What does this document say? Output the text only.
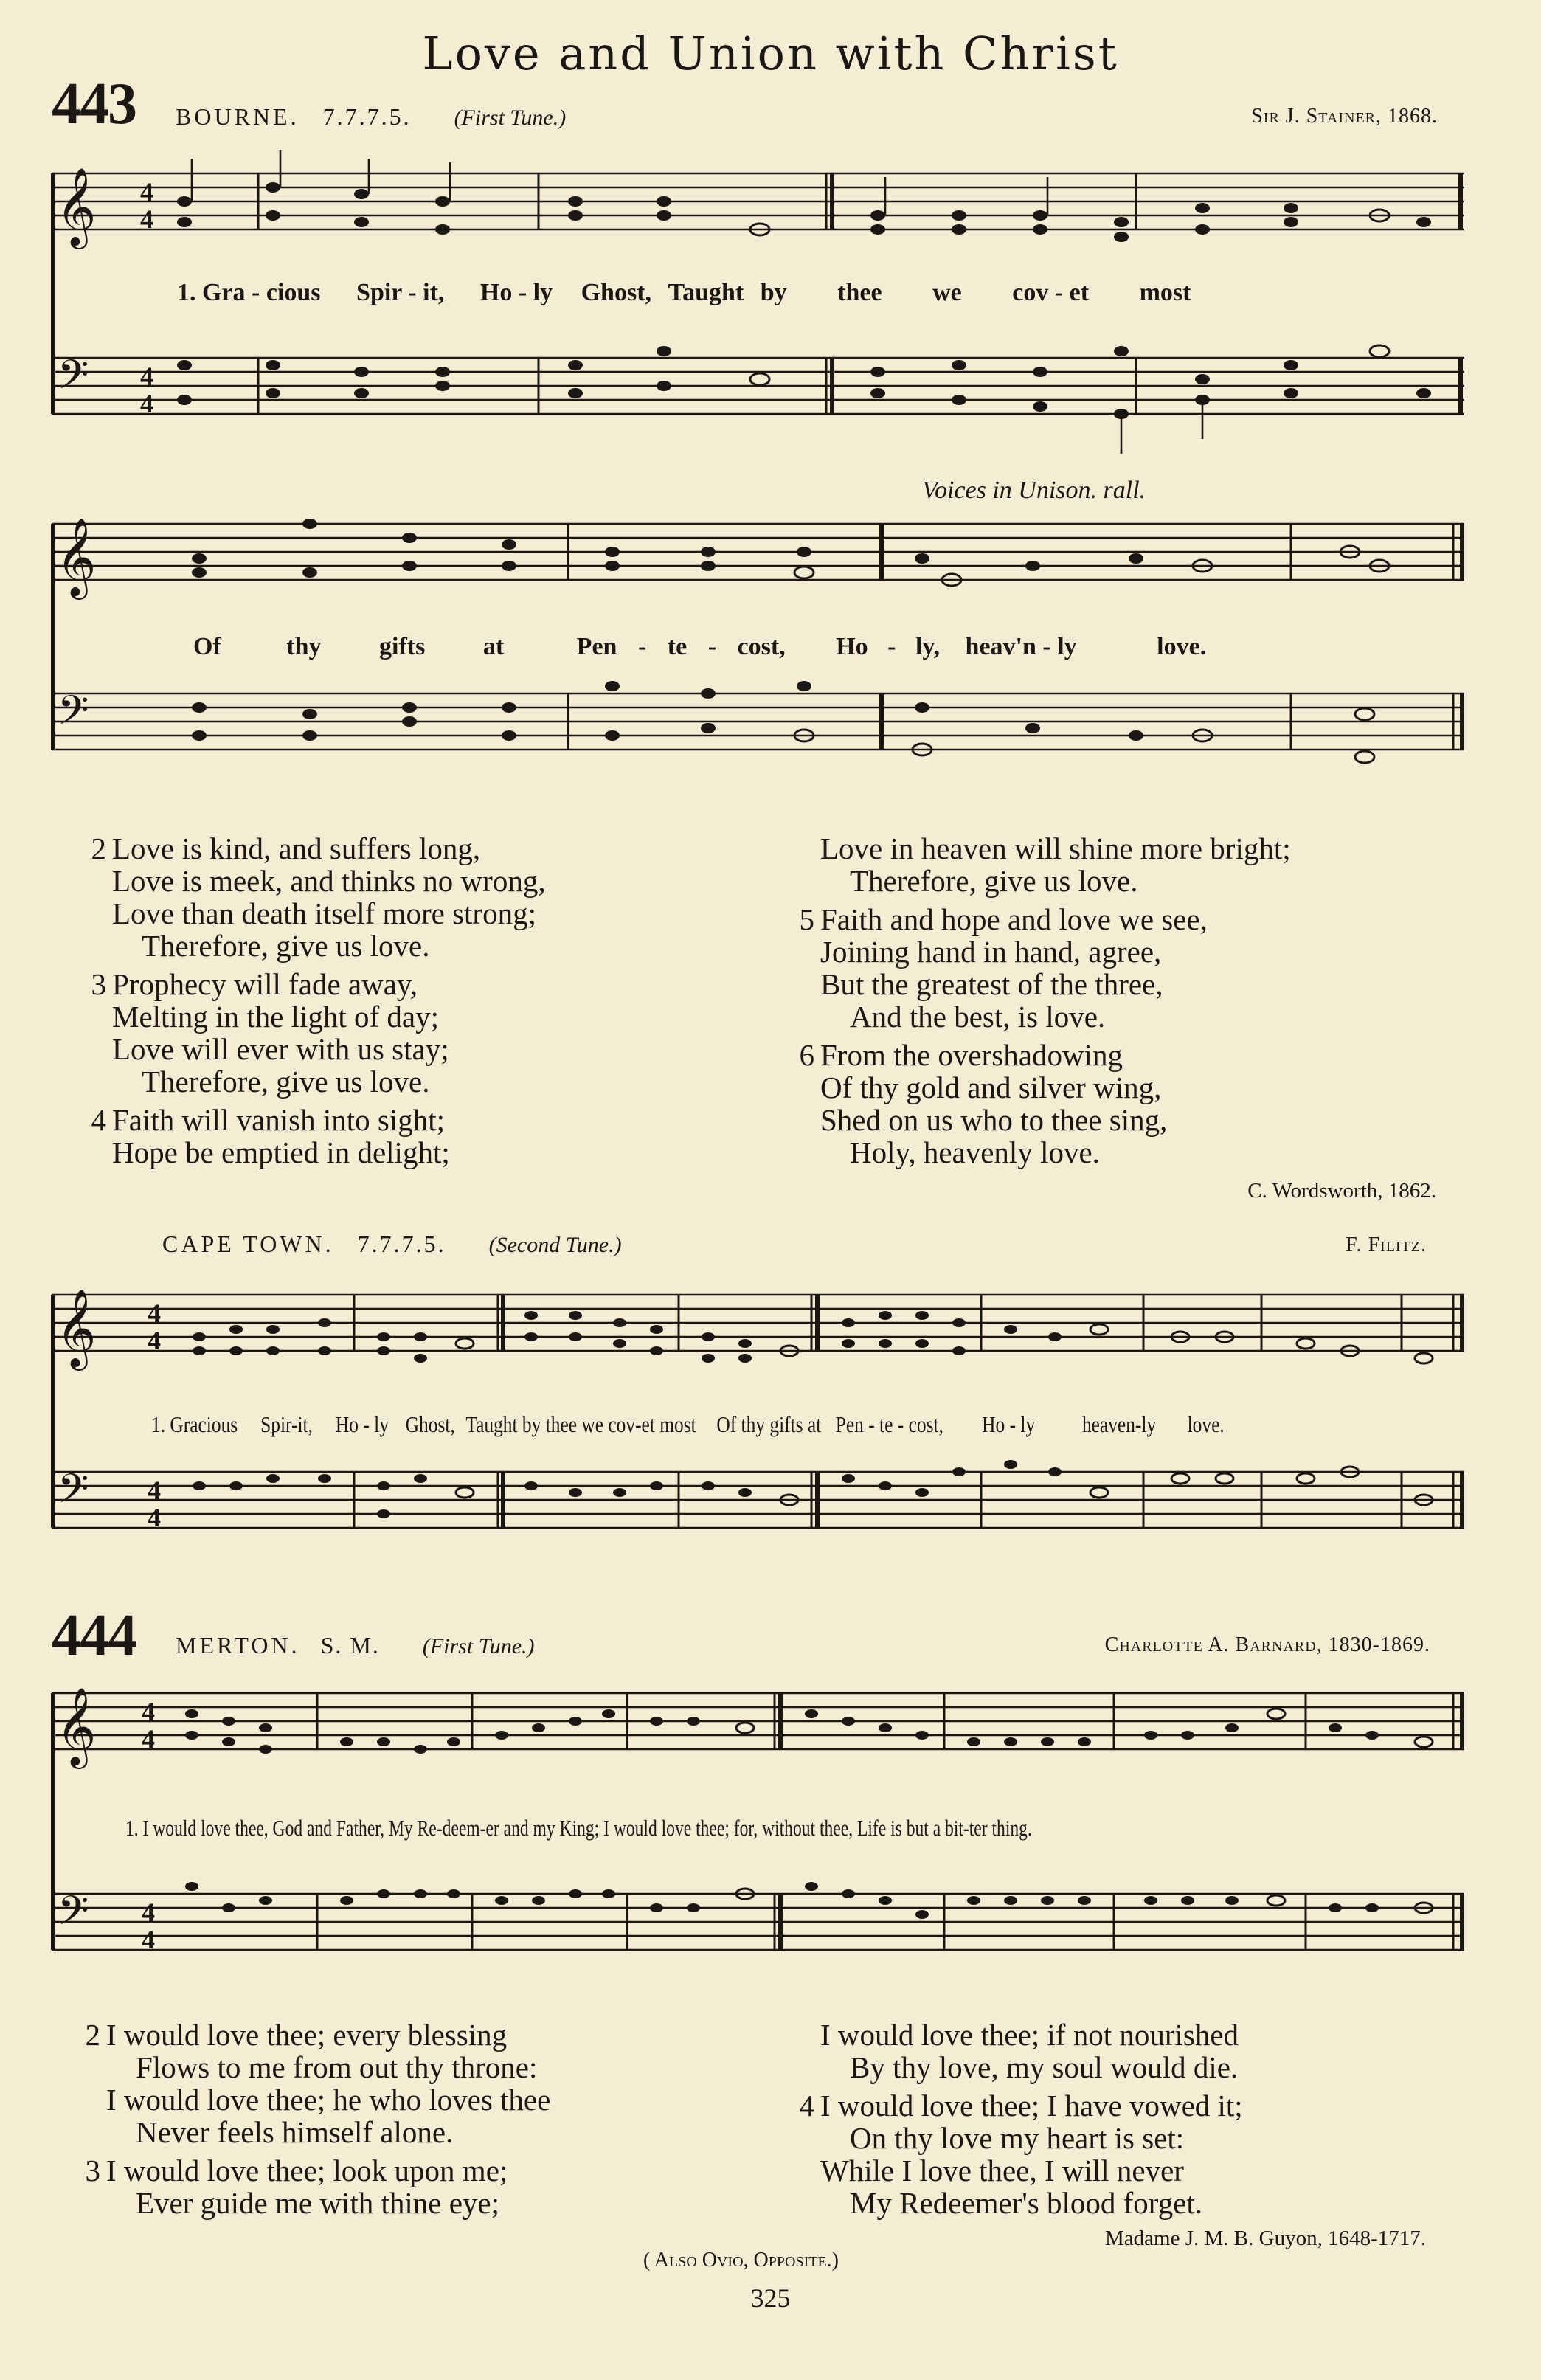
Love and Union with Christ
443 BOURNE. 7.7.7.5. (First Tune.)	Sir J. Stainer, 1868.
𝄞
𝄢
4
4
4
4
1. Gra - cious Spir - it, Ho - ly Ghost, Taught by thee we cov - et most
Voices in Unison. rall.
𝄞
𝄢
Of	thy gifts at	Pen - te - cost, Ho - ly, heav'n - ly	love.
2 Love is kind, and suffers long,
Love is meek, and thinks no wrong,
Love than death itself more strong;
Therefore, give us love.
3 Prophecy will fade away,
Melting in the light of day;
Love will ever with us stay;
Therefore, give us love.
4 Faith will vanish into sight;
Hope be emptied in delight;
Love in heaven will shine more bright;
Therefore, give us love.
5 Faith and hope and love we see,
Joining hand in hand, agree,
But the greatest of the three,
And the best, is love.
6 From the overshadowing
Of thy gold and silver wing,
Shed on us who to thee sing,
Holy, heavenly love.
C. Wordsworth, 1862.
CAPE TOWN. 7.7.7.5. (Second Tune.)	F. Filitz.
𝄞
𝄢
4
4
4
4
1. Gracious Spir-it, Ho - ly Ghost, Taught by thee we cov-et most Of thy gifts at Pen - te - cost, Ho - ly heaven-ly love.
444 MERTON. S. M. (First Tune.)	Charlotte A. Barnard, 1830-1869.
𝄞
𝄢
4
4
4
4
1. I would love thee, God and Father, My Re-deem-er and my King; I would love thee; for, without thee, Life is but a bit-ter thing.
2 I would love thee; every blessing
Flows to me from out thy throne:
I would love thee; he who loves thee
Never feels himself alone.
3 I would love thee; look upon me;
Ever guide me with thine eye;
I would love thee; if not nourished
By thy love, my soul would die.
4 I would love thee; I have vowed it;
On thy love my heart is set:
While I love thee, I will never
My Redeemer's blood forget.
Madame J. M. B. Guyon, 1648-1717.
( Also Ovio, Opposite.)
325
